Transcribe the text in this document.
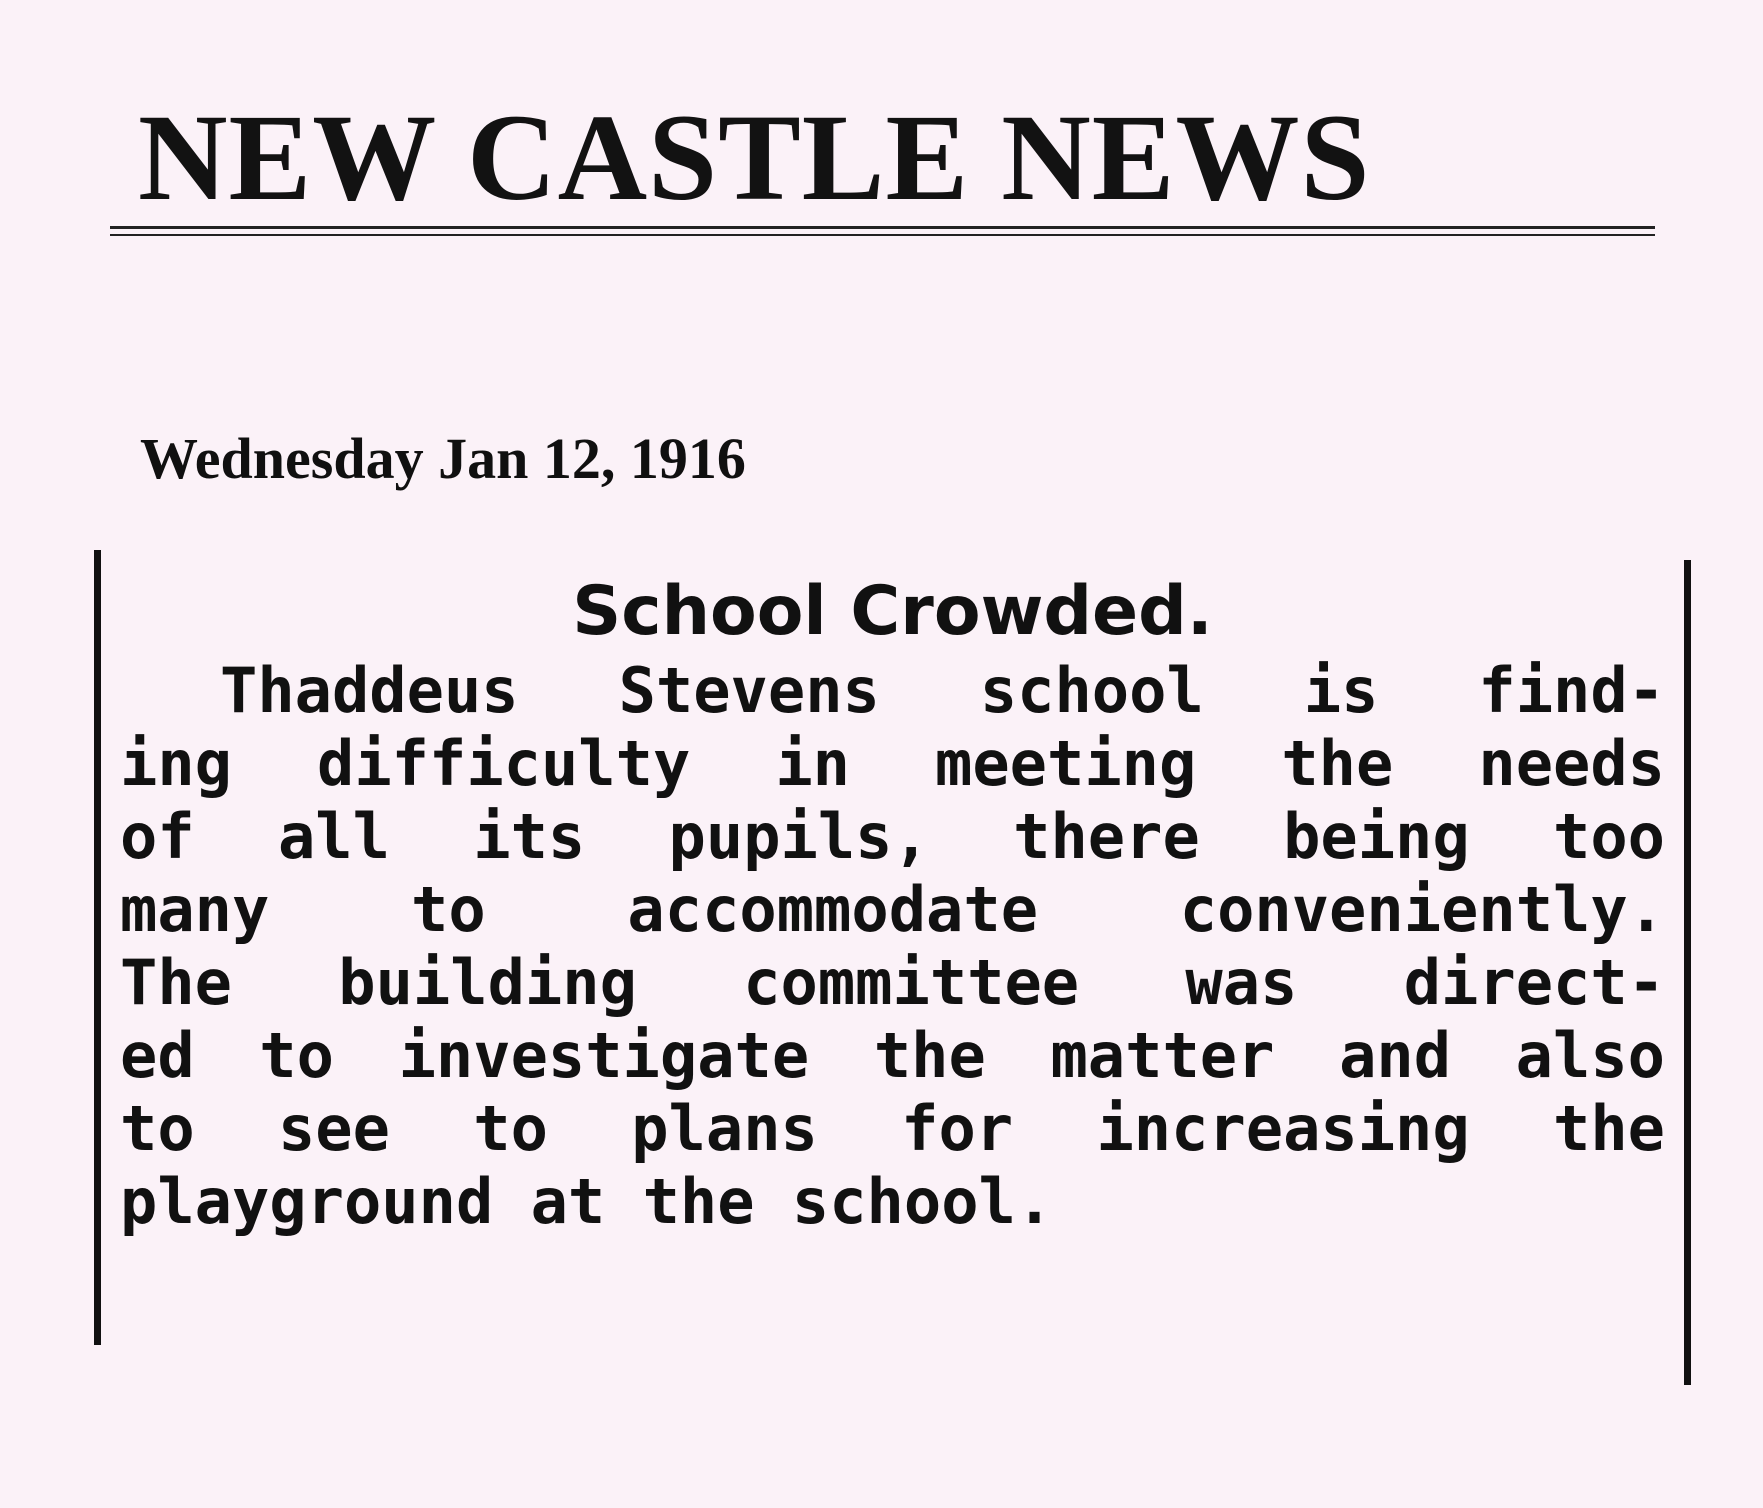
NEW CASTLE NEWS
Wednesday Jan 12, 1916
School Crowded.
Thaddeus Stevens school is find-
ing difficulty in meeting the needs
of all its pupils, there being too
many to accommodate conveniently.
The building committee was direct-
ed to investigate the matter and also
to see to plans for increasing the
playground at the school.
